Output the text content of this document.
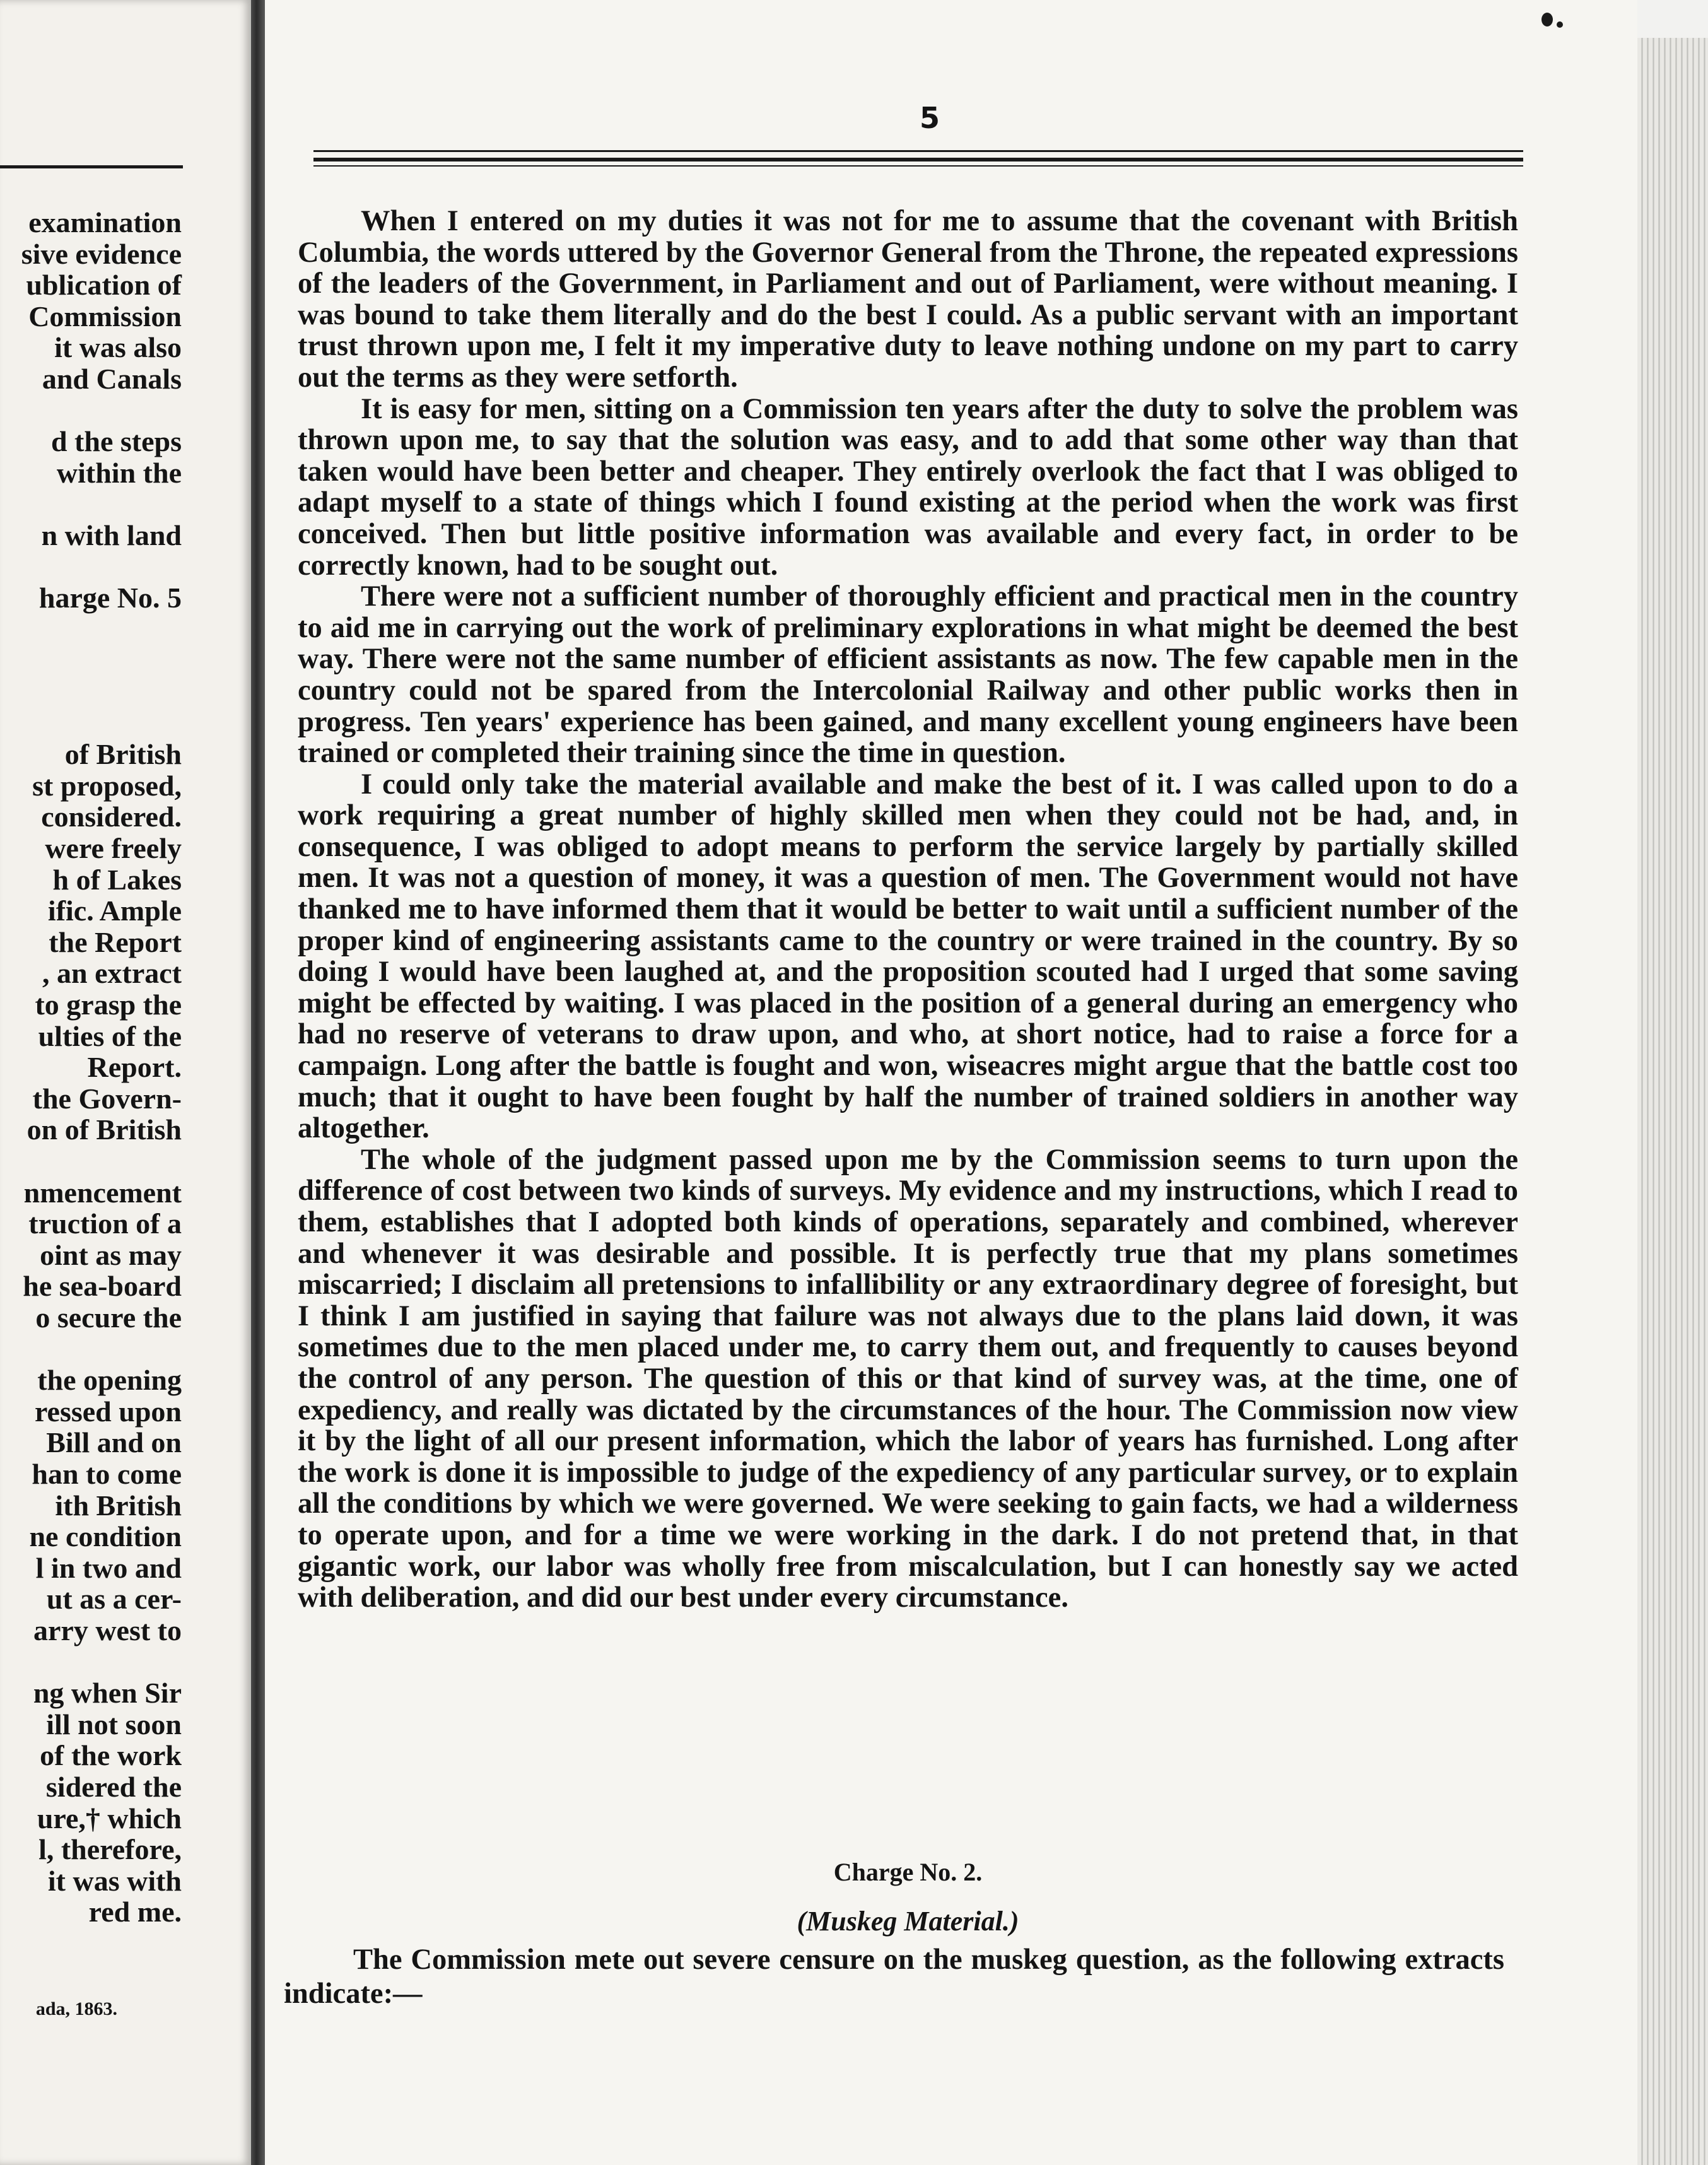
examination
sive evidence
ublication of
Commission
it was also
and Canals
d the steps
within the
n with land
harge No. 5
of British
st proposed,
considered.
were freely
h of Lakes
ific. Ample
the Report
, an extract
to grasp the
ulties of the
Report.
the Govern-
on of British
nmencement
truction of a
oint as may
he sea-board
o secure the
the opening
ressed upon
Bill and on
han to come
ith British
ne condition
l in two and
ut as a cer-
arry west to
ng when Sir
ill not soon
of the work
sidered the
ure,† which
l, therefore,
it was with
red me.
ada, 1863.
5

When I entered on my duties it was not for me to assume that the covenant with British Columbia, the words uttered by the Governor General from the Throne, the repeated expressions of the leaders of the Government, in Parliament and out of Parliament, were without meaning. I was bound to take them literally and do the best I could. As a public servant with an important trust thrown upon me, I felt it my imperative duty to leave nothing undone on my part to carry out the terms as they were setforth.

It is easy for men, sitting on a Commission ten years after the duty to solve the problem was thrown upon me, to say that the solution was easy, and to add that some other way than that taken would have been better and cheaper. They entirely overlook the fact that I was obliged to adapt myself to a state of things which I found existing at the period when the work was first conceived. Then but little positive information was available and every fact, in order to be correctly known, had to be sought out.

There were not a sufficient number of thoroughly efficient and practical men in the country to aid me in carrying out the work of preliminary explorations in what might be deemed the best way. There were not the same number of efficient assistants as now. The few capable men in the country could not be spared from the Intercolonial Railway and other public works then in progress. Ten years' experience has been gained, and many excellent young engineers have been trained or completed their training since the time in question.

I could only take the material available and make the best of it. I was called upon to do a work requiring a great number of highly skilled men when they could not be had, and, in consequence, I was obliged to adopt means to perform the service largely by partially skilled men. It was not a question of money, it was a question of men. The Government would not have thanked me to have informed them that it would be better to wait until a sufficient number of the proper kind of engineering assistants came to the country or were trained in the country. By so doing I would have been laughed at, and the proposition scouted had I urged that some saving might be effected by waiting. I was placed in the position of a general during an emergency who had no reserve of veterans to draw upon, and who, at short notice, had to raise a force for a campaign. Long after the battle is fought and won, wiseacres might argue that the battle cost too much; that it ought to have been fought by half the number of trained soldiers in another way altogether.

The whole of the judgment passed upon me by the Commission seems to turn upon the difference of cost between two kinds of surveys. My evidence and my instructions, which I read to them, establishes that I adopted both kinds of operations, separately and combined, wherever and whenever it was desirable and possible. It is perfectly true that my plans sometimes miscarried; I disclaim all pretensions to infallibility or any extraordinary degree of foresight, but I think I am justified in saying that failure was not always due to the plans laid down, it was sometimes due to the men placed under me, to carry them out, and frequently to causes beyond the control of any person. The question of this or that kind of survey was, at the time, one of expediency, and really was dictated by the circumstances of the hour. The Commission now view it by the light of all our present information, which the labor of years has furnished. Long after the work is done it is impossible to judge of the expediency of any particular survey, or to explain all the conditions by which we were governed. We were seeking to gain facts, we had a wilderness to operate upon, and for a time we were working in the dark. I do not pretend that, in that gigantic work, our labor was wholly free from miscalculation, but I can honestly say we acted with deliberation, and did our best under every circumstance.

Charge No. 2.
(Muskeg Material.)

The Commission mete out severe censure on the muskeg question, as the following extracts indicate:—
